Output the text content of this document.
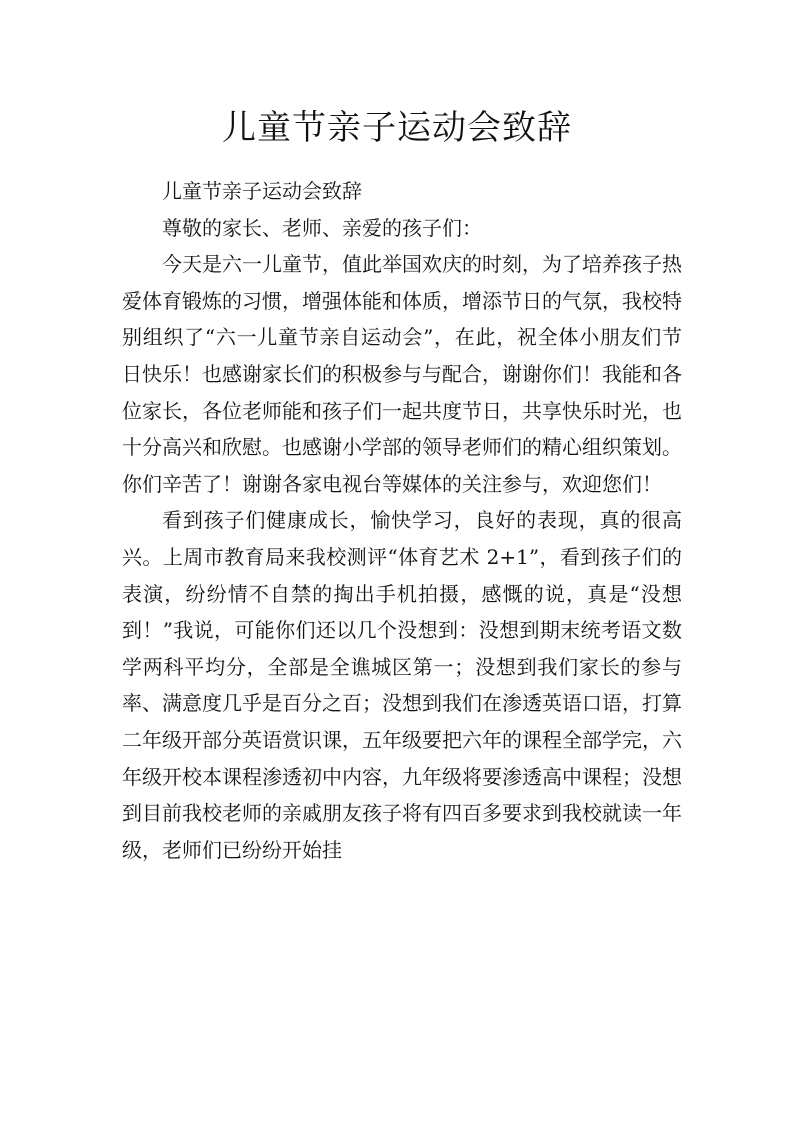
儿童节亲子运动会致辞

儿童节亲子运动会致辞

尊敬的家长、老师、亲爱的孩子们：

今天是六一儿童节，值此举国欢庆的时刻，为了培养孩子热爱体育锻炼的习惯，增强体能和体质，增添节日的气氛，我校特别组织了“六一儿童节亲自运动会”，在此，祝全体小朋友们节日快乐！也感谢家长们的积极参与与配合，谢谢你们！我能和各位家长，各位老师能和孩子们一起共度节日，共享快乐时光，也十分高兴和欣慰。也感谢小学部的领导老师们的精心组织策划。你们辛苦了！谢谢各家电视台等媒体的关注参与，欢迎您们！

看到孩子们健康成长，愉快学习，良好的表现，真的很高兴。上周市教育局来我校测评“体育艺术 2+1”，看到孩子们的表演，纷纷情不自禁的掏出手机拍摄，感慨的说，真是“没想到！”我说，可能你们还以几个没想到：没想到期末统考语文数学两科平均分，全部是全谯城区第一；没想到我们家长的参与率、满意度几乎是百分之百；没想到我们在渗透英语口语，打算二年级开部分英语赏识课，五年级要把六年的课程全部学完，六年级开校本课程渗透初中内容，九年级将要渗透高中课程；没想到目前我校老师的亲戚朋友孩子将有四百多要求到我校就读一年级，老师们已纷纷开始挂
